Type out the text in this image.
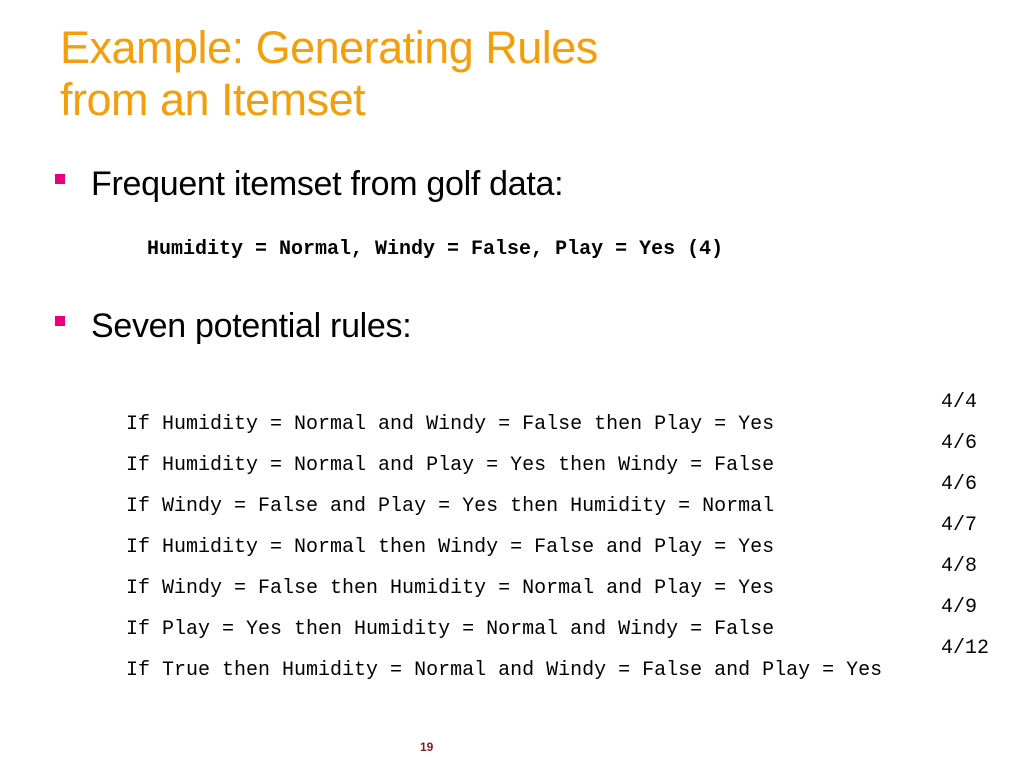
Example: Generating Rules
from an Itemset
Frequent itemset from golf data:
Humidity = Normal, Windy = False, Play = Yes (4)
Seven potential rules:

If Humidity = Normal and Windy = False then Play = Yes

4/4

If Humidity = Normal and Play = Yes then Windy = False

4/6

If Windy = False and Play = Yes then Humidity = Normal

4/6

If Humidity = Normal then Windy = False and Play = Yes

4/7

If Windy = False then Humidity = Normal and Play = Yes

4/8

If Play = Yes then Humidity = Normal and Windy = False

4/9

If True then Humidity = Normal and Windy = False and Play = Yes

4/12

19
